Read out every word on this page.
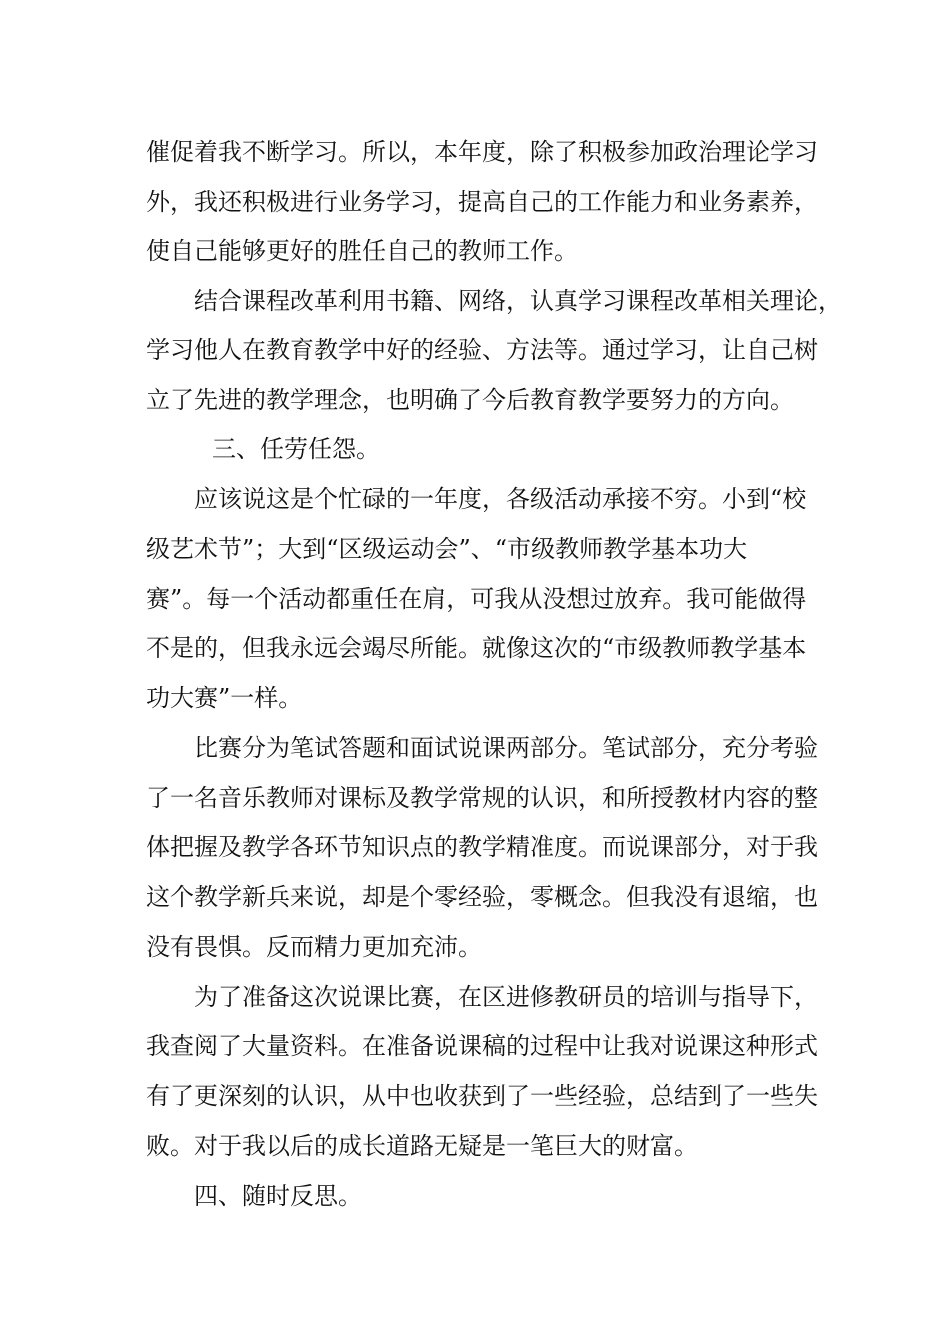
催促着我不断学习。所以，本年度，除了积极参加政治理论学习
外，我还积极进行业务学习，提高自己的工作能力和业务素养，
使自己能够更好的胜任自己的教师工作。
结合课程改革利用书籍、网络，认真学习课程改革相关理论，
学习他人在教育教学中好的经验、方法等。通过学习，让自己树
立了先进的教学理念，也明确了今后教育教学要努力的方向。
三、任劳任怨。
应该说这是个忙碌的一年度，各级活动承接不穷。小到“校
级艺术节”；大到“区级运动会”、“市级教师教学基本功大
赛”。每一个活动都重任在肩，可我从没想过放弃。我可能做得
不是的，但我永远会竭尽所能。就像这次的“市级教师教学基本
功大赛”一样。
比赛分为笔试答题和面试说课两部分。笔试部分，充分考验
了一名音乐教师对课标及教学常规的认识，和所授教材内容的整
体把握及教学各环节知识点的教学精准度。而说课部分，对于我
这个教学新兵来说，却是个零经验，零概念。但我没有退缩，也
没有畏惧。反而精力更加充沛。
为了准备这次说课比赛，在区进修教研员的培训与指导下，
我查阅了大量资料。在准备说课稿的过程中让我对说课这种形式
有了更深刻的认识，从中也收获到了一些经验，总结到了一些失
败。对于我以后的成长道路无疑是一笔巨大的财富。
四、随时反思。
